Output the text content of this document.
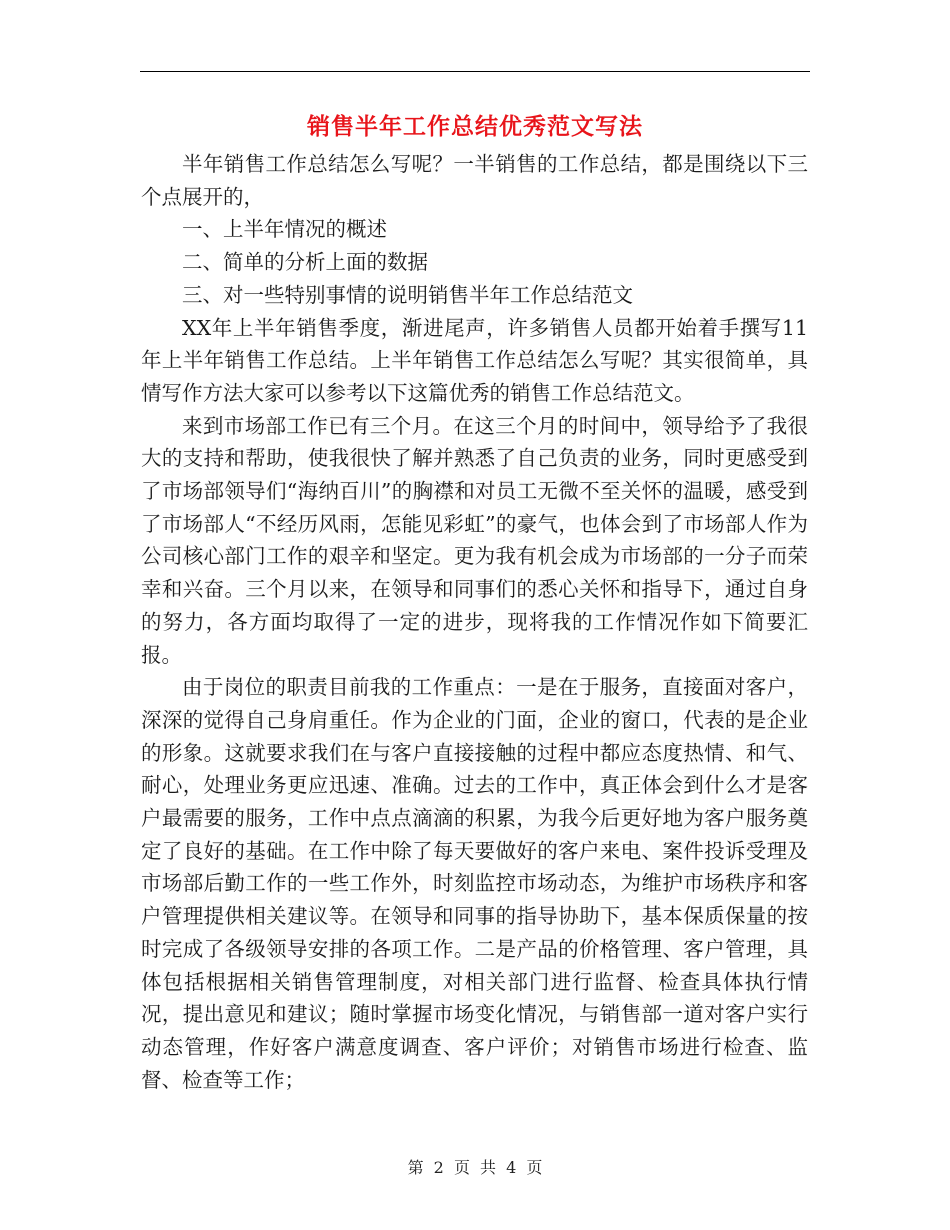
销售半年工作总结优秀范文写法

半年销售工作总结怎么写呢？一半销售的工作总结，都是围绕以下三个点展开的，

一、上半年情况的概述

二、简单的分析上面的数据

三、对一些特别事情的说明销售半年工作总结范文

XX年上半年销售季度，渐进尾声，许多销售人员都开始着手撰写11年上半年销售工作总结。上半年销售工作总结怎么写呢？其实很简单，具情写作方法大家可以参考以下这篇优秀的销售工作总结范文。

来到市场部工作已有三个月。在这三个月的时间中，领导给予了我很大的支持和帮助，使我很快了解并熟悉了自己负责的业务，同时更感受到了市场部领导们“海纳百川”的胸襟和对员工无微不至关怀的温暖，感受到了市场部人“不经历风雨，怎能见彩虹”的豪气，也体会到了市场部人作为公司核心部门工作的艰辛和坚定。更为我有机会成为市场部的一分子而荣幸和兴奋。三个月以来，在领导和同事们的悉心关怀和指导下，通过自身的努力，各方面均取得了一定的进步，现将我的工作情况作如下简要汇报。

由于岗位的职责目前我的工作重点：一是在于服务，直接面对客户，深深的觉得自己身肩重任。作为企业的门面，企业的窗口，代表的是企业的形象。这就要求我们在与客户直接接触的过程中都应态度热情、和气、耐心，处理业务更应迅速、准确。过去的工作中，真正体会到什么才是客户最需要的服务，工作中点点滴滴的积累，为我今后更好地为客户服务奠定了良好的基础。在工作中除了每天要做好的客户来电、案件投诉受理及市场部后勤工作的一些工作外，时刻监控市场动态，为维护市场秩序和客户管理提供相关建议等。在领导和同事的指导协助下，基本保质保量的按时完成了各级领导安排的各项工作。二是产品的价格管理、客户管理，具体包括根据相关销售管理制度，对相关部门进行监督、检查具体执行情况，提出意见和建议；随时掌握市场变化情况，与销售部一道对客户实行动态管理，作好客户满意度调查、客户评价；对销售市场进行检查、监督、检查等工作；

第 2 页 共 4 页
